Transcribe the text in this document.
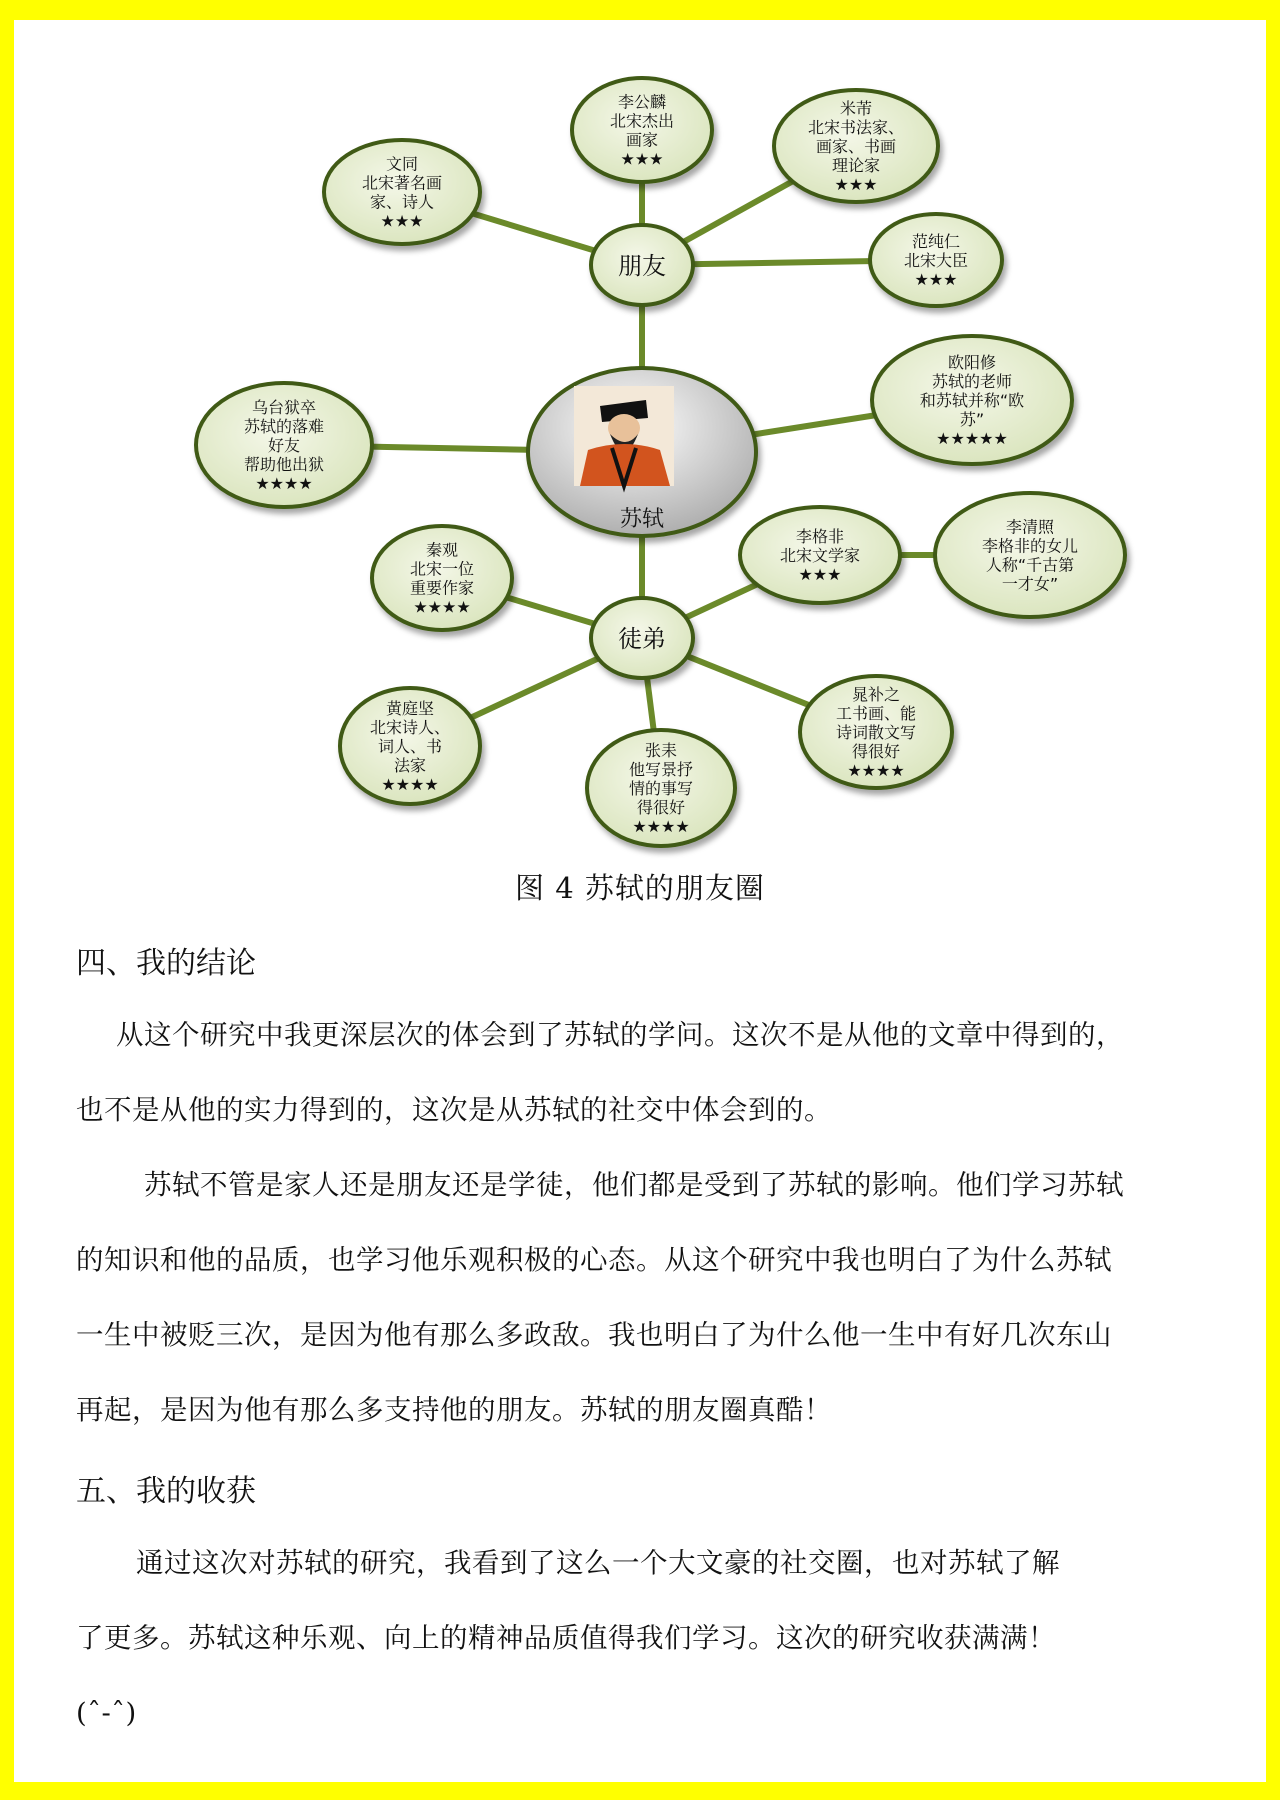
李公麟
北宋杰出
画家
★★★
米芾
北宋书法家、
画家、书画
理论家
★★★
文同
北宋著名画
家、诗人
★★★
范纯仁
北宋大臣
★★★
欧阳修
苏轼的老师
和苏轼并称“欧
苏”
★★★★★
乌台狱卒
苏轼的落难
好友
帮助他出狱
★★★★
秦观
北宋一位
重要作家
★★★★
李格非
北宋文学家
★★★
李清照
李格非的女儿
人称“千古第
一才女”
黄庭坚
北宋诗人、
词人、书
法家
★★★★
张耒
他写景抒
情的事写
得很好
★★★★
晁补之
工书画、能
诗词散文写
得很好
★★★★
苏轼
朋友
徒弟
图 4 苏轼的朋友圈
四、我的结论
从这个研究中我更深层次的体会到了苏轼的学问。这次不是从他的文章中得到的，
也不是从他的实力得到的，这次是从苏轼的社交中体会到的。
苏轼不管是家人还是朋友还是学徒，他们都是受到了苏轼的影响。他们学习苏轼
的知识和他的品质，也学习他乐观积极的心态。从这个研究中我也明白了为什么苏轼
一生中被贬三次，是因为他有那么多政敌。我也明白了为什么他一生中有好几次东山
再起，是因为他有那么多支持他的朋友。苏轼的朋友圈真酷！
五、我的收获
通过这次对苏轼的研究，我看到了这么一个大文豪的社交圈，也对苏轼了解
了更多。苏轼这种乐观、向上的精神品质值得我们学习。这次的研究收获满满！
(ˆ-ˆ)
